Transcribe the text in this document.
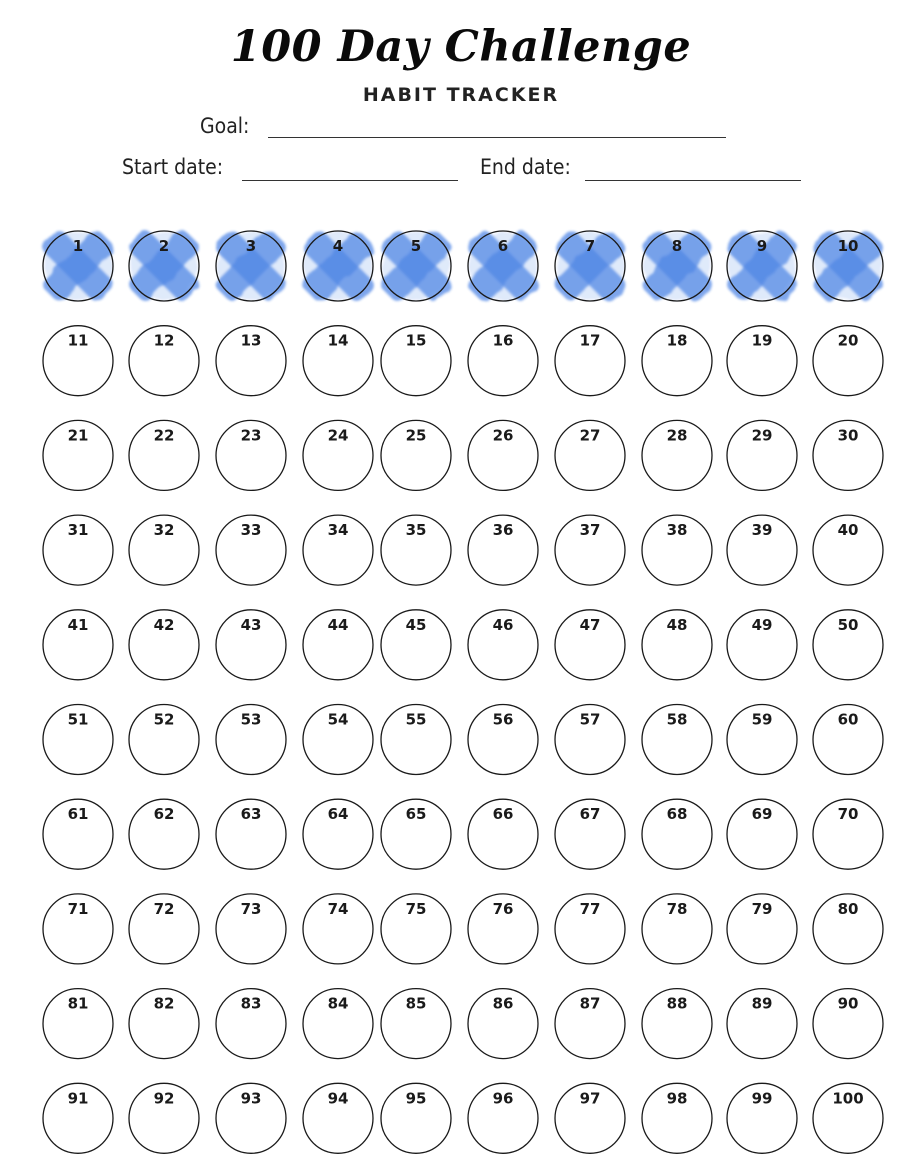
100 Day Challenge
HABIT TRACKER
Goal:
Start date:	End date:
1	2	3	4	5	6	7	8	9	10
11	12	13	14	15	16	17	18	19	20
21	22	23	24	25	26	27	28	29	30
31	32	33	34	35	36	37	38	39	40
41	42	43	44	45	46	47	48	49	50
51	52	53	54	55	56	57	58	59	60
61	62	63	64	65	66	67	68	69	70
71	72	73	74	75	76	77	78	79	80
81	82	83	84	85	86	87	88	89	90
91	92	93	94	95	96	97	98	99	100
